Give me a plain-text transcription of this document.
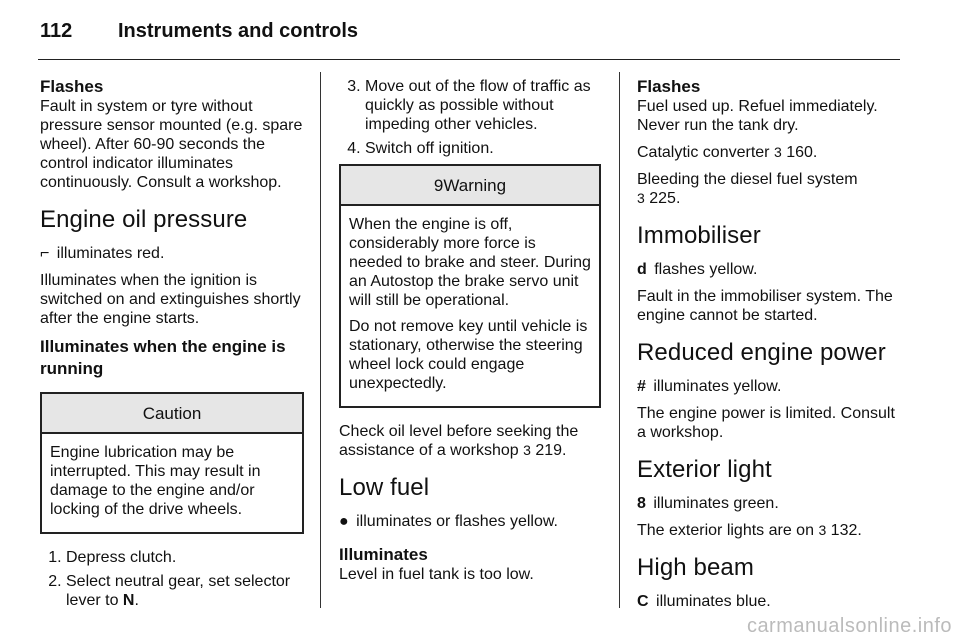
112 Instruments and controls
Flashes

Fault in system or tyre without pressure sensor mounted (e.g. spare wheel). After 60-90 seconds the control indicator illuminates continuously. Consult a workshop.

Engine oil pressure

⌐ illuminates red.

Illuminates when the ignition is switched on and extinguishes shortly after the engine starts.

Illuminates when the engine is running
Caution

Engine lubrication may be interrupted. This may result in damage to the engine and/or locking of the drive wheels.

1. Depress clutch.
2. Select neutral gear, set selector lever to N.
3. Move out of the flow of traffic as quickly as possible without impeding other vehicles.
4. Switch off ignition.
9Warning

When the engine is off, considerably more force is needed to brake and steer. During an Autostop the brake servo unit will still be operational.

Do not remove key until vehicle is stationary, otherwise the steering wheel lock could engage unexpectedly.

Check oil level before seeking the assistance of a workshop 3 219.

Low fuel

● illuminates or flashes yellow.

Illuminates

Level in fuel tank is too low.

Flashes

Fuel used up. Refuel immediately. Never run the tank dry.

Catalytic converter 3 160.

Bleeding the diesel fuel system
3 225.

Immobiliser

d flashes yellow.

Fault in the immobiliser system. The engine cannot be started.

Reduced engine power

# illuminates yellow.

The engine power is limited. Consult a workshop.

Exterior light

8 illuminates green.

The exterior lights are on 3 132.

High beam

C illuminates blue.

carmanualsonline.info
